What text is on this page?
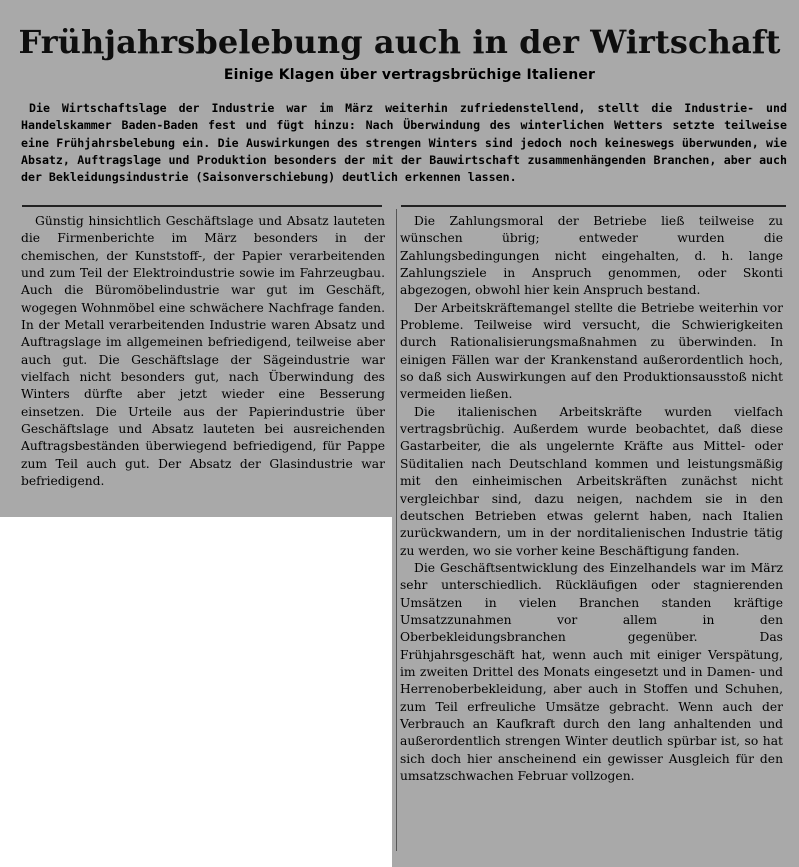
Frühjahrsbelebung auch in der Wirtschaft
Einige Klagen über vertragsbrüchige Italiener

Die Wirtschaftslage der Industrie war im März weiterhin zufriedenstellend, stellt die Industrie- und Handelskammer Baden-Baden fest und fügt hinzu: Nach Überwindung des winterlichen Wetters setzte teilweise eine Frühjahrsbelebung ein. Die Auswirkungen des strengen Winters sind jedoch noch keineswegs überwunden, wie Absatz, Auftragslage und Produktion besonders der mit der Bauwirtschaft zusammenhängenden Branchen, aber auch der Bekleidungsindustrie (Saisonverschiebung) deutlich erkennen lassen.

Günstig hinsichtlich Geschäftslage und Absatz lauteten die Firmenberichte im März besonders in der chemischen, der Kunststoff-, der Papier verarbeitenden und zum Teil der Elektroindustrie sowie im Fahrzeugbau. Auch die Büromöbelindustrie war gut im Geschäft, wogegen Wohnmöbel eine schwächere Nachfrage fanden. In der Metall verarbeitenden Industrie waren Absatz und Auftragslage im allgemeinen befriedigend, teilweise aber auch gut. Die Geschäftslage der Sägeindustrie war vielfach nicht besonders gut, nach Überwindung des Winters dürfte aber jetzt wieder eine Besserung einsetzen. Die Urteile aus der Papierindustrie über Geschäftslage und Absatz lauteten bei ausreichenden Auftragsbeständen überwiegend befriedigend, für Pappe zum Teil auch gut. Der Absatz der Glasindustrie war befriedigend.

Die Zahlungsmoral der Betriebe ließ teilweise zu wünschen übrig; entweder wurden die Zahlungsbedingungen nicht eingehalten, d. h. lange Zahlungsziele in Anspruch genommen, oder Skonti abgezogen, obwohl hier kein Anspruch bestand.

Der Arbeitskräftemangel stellte die Betriebe weiterhin vor Probleme. Teilweise wird versucht, die Schwierigkeiten durch Rationalisierungsmaßnahmen zu überwinden. In einigen Fällen war der Krankenstand außerordentlich hoch, so daß sich Auswirkungen auf den Produktionsausstoß nicht vermeiden ließen.

Die italienischen Arbeitskräfte wurden vielfach vertragsbrüchig. Außerdem wurde beobachtet, daß diese Gastarbeiter, die als ungelernte Kräfte aus Mittel- oder Süditalien nach Deutschland kommen und leistungsmäßig mit den einheimischen Arbeitskräften zunächst nicht vergleichbar sind, dazu neigen, nachdem sie in den deutschen Betrieben etwas gelernt haben, nach Italien zurückwandern, um in der norditalienischen Industrie tätig zu werden, wo sie vorher keine Beschäftigung fanden.

Die Geschäftsentwicklung des Einzelhandels war im März sehr unterschiedlich. Rückläufigen oder stagnierenden Umsätzen in vielen Branchen standen kräftige Umsatzzunahmen vor allem in den Oberbekleidungsbranchen gegenüber. Das Frühjahrsgeschäft hat, wenn auch mit einiger Verspätung, im zweiten Drittel des Monats eingesetzt und in Damen- und Herrenoberbekleidung, aber auch in Stoffen und Schuhen, zum Teil erfreuliche Umsätze gebracht. Wenn auch der Verbrauch an Kaufkraft durch den lang anhaltenden und außerordentlich strengen Winter deutlich spürbar ist, so hat sich doch hier anscheinend ein gewisser Ausgleich für den umsatzschwachen Februar vollzogen.
